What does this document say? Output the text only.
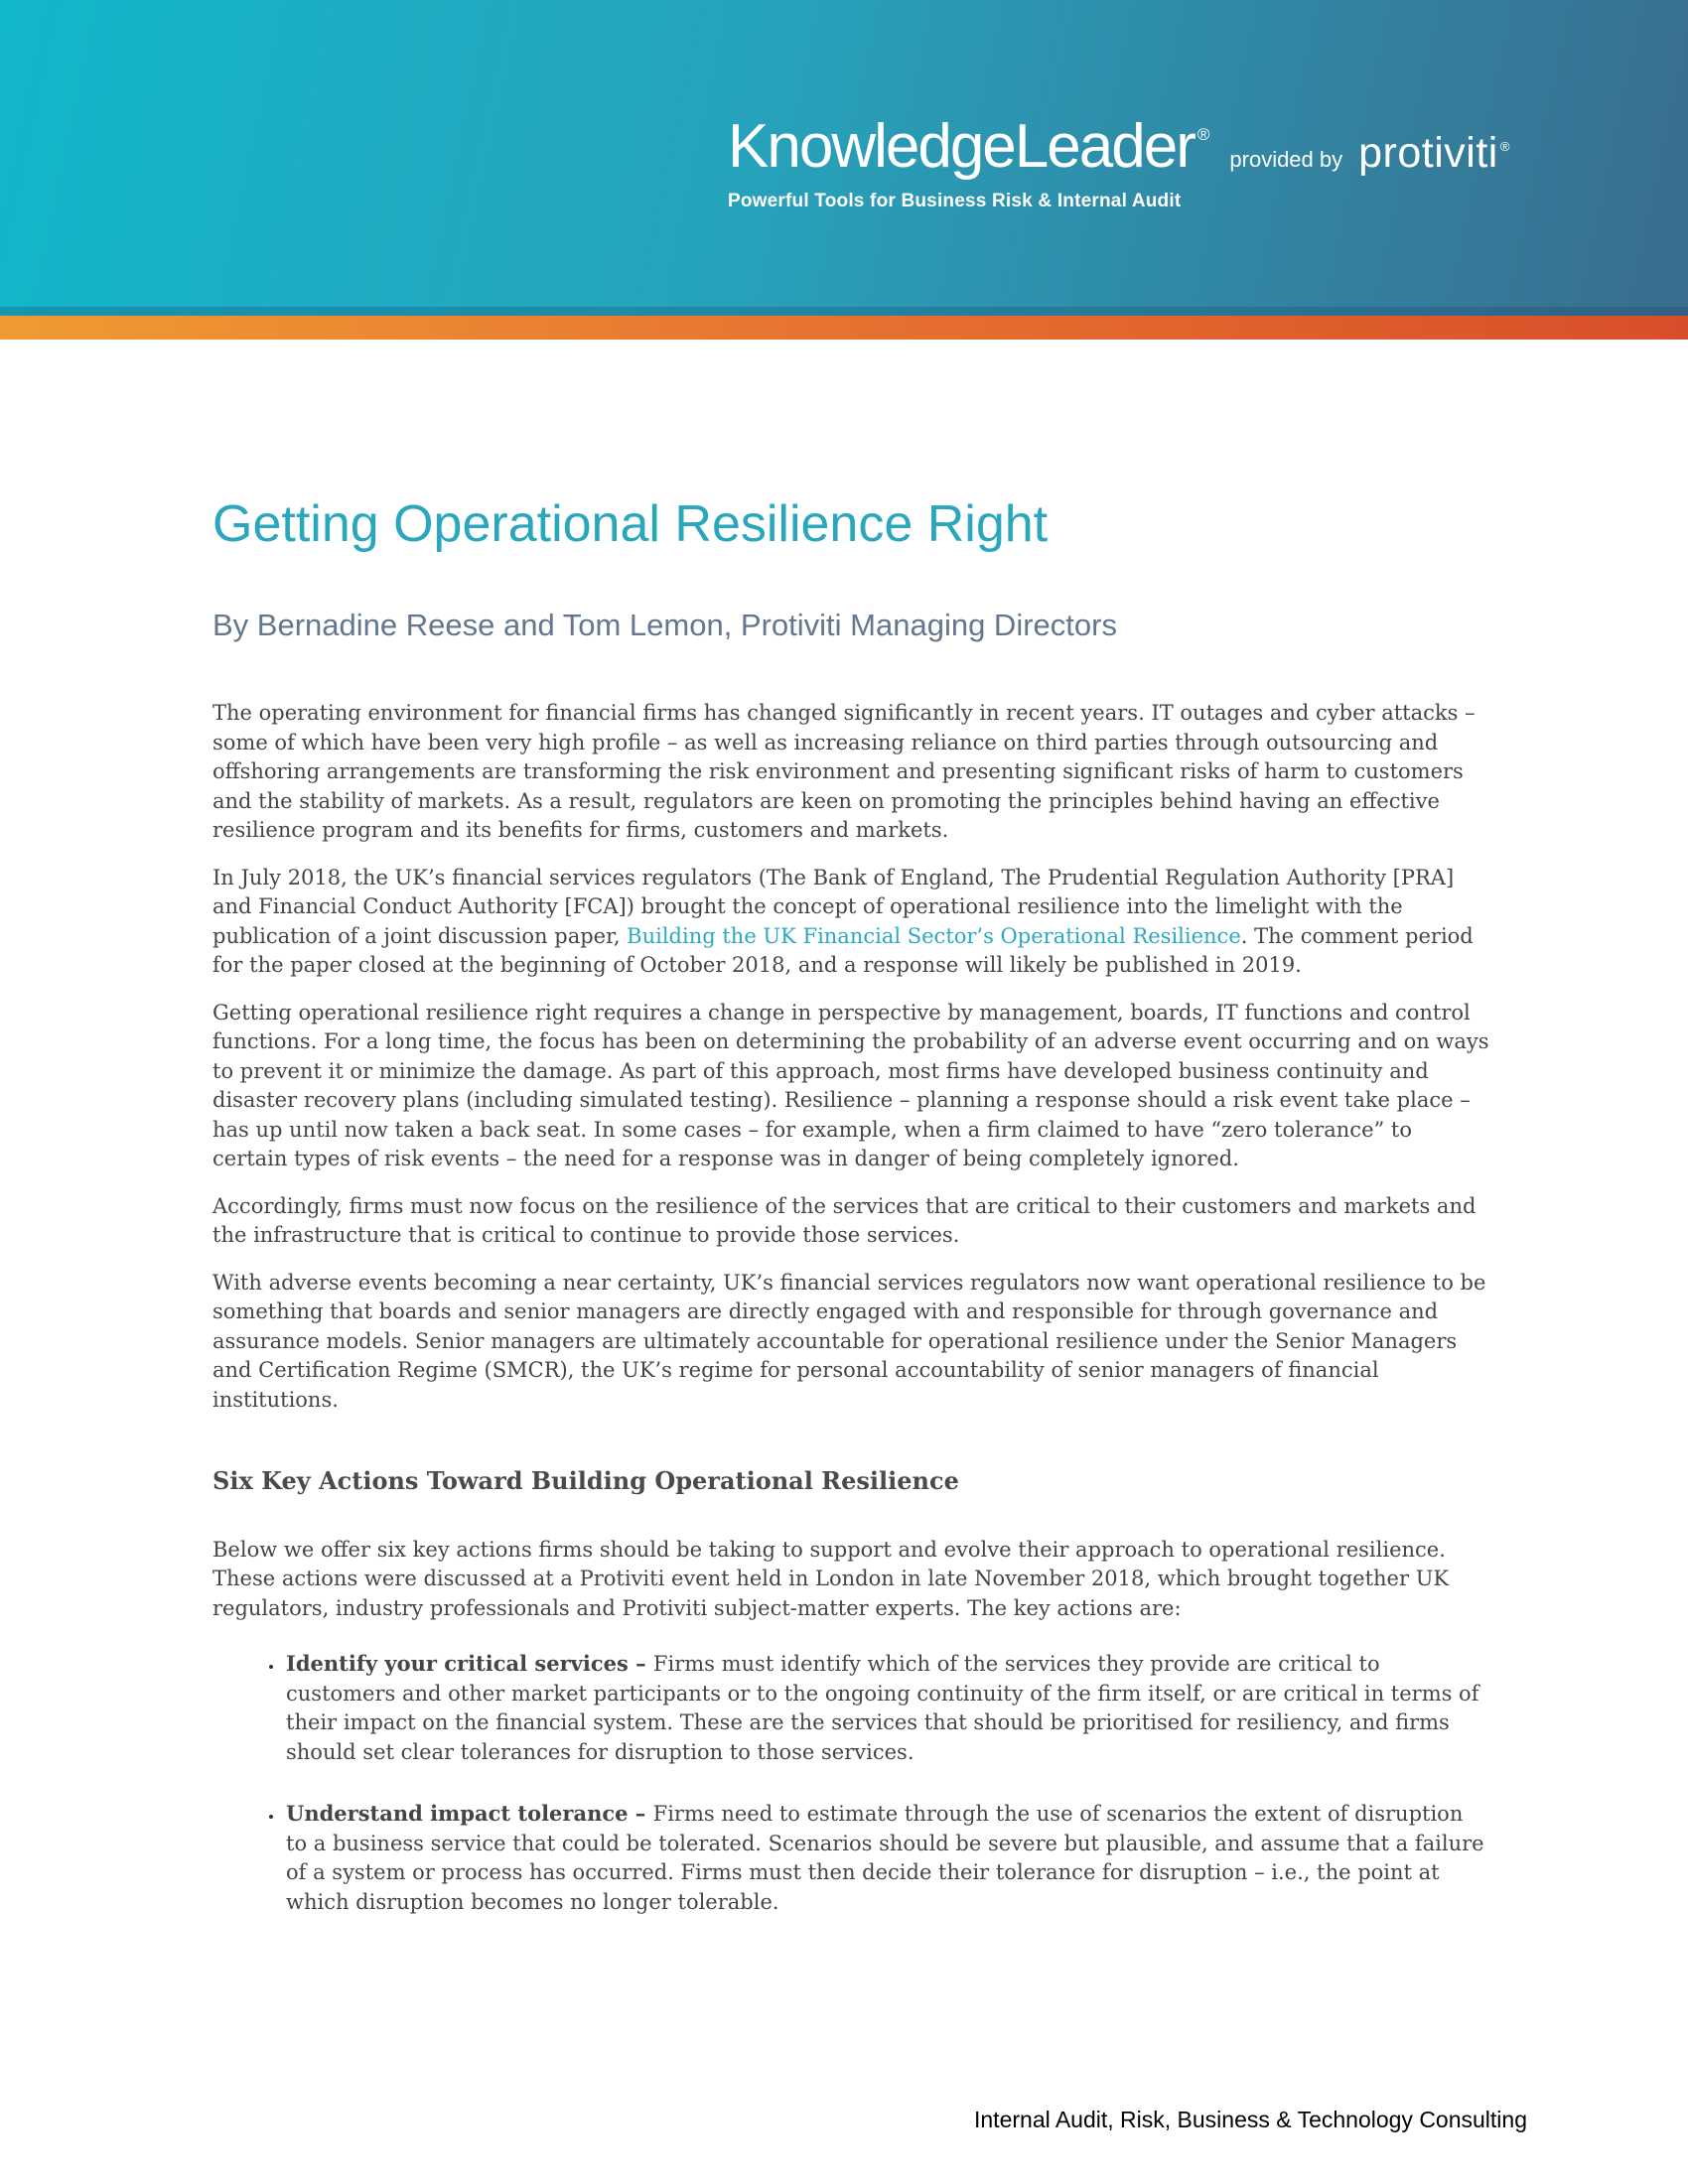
KnowledgeLeader ®
provided by protiviti ®
Powerful Tools for Business Risk & Internal Audit
Getting Operational Resilience Right
By Bernadine Reese and Tom Lemon, Protiviti Managing Directors

The operating environment for financial firms has changed significantly in recent years. IT outages and cyber attacks – some of which have been very high profile – as well as increasing reliance on third parties through outsourcing and offshoring arrangements are transforming the risk environment and presenting significant risks of harm to customers and the stability of markets. As a result, regulators are keen on promoting the principles behind having an effective resilience program and its benefits for firms, customers and markets.

In July 2018, the UK’s financial services regulators (The Bank of England, The Prudential Regulation Authority [PRA] and Financial Conduct Authority [FCA]) brought the concept of operational resilience into the limelight with the publication of a joint discussion paper, Building the UK Financial Sector’s Operational Resilience. The comment period for the paper closed at the beginning of October 2018, and a response will likely be published in 2019.

Getting operational resilience right requires a change in perspective by management, boards, IT functions and control functions. For a long time, the focus has been on determining the probability of an adverse event occurring and on ways to prevent it or minimize the damage. As part of this approach, most firms have developed business continuity and disaster recovery plans (including simulated testing). Resilience – planning a response should a risk event take place – has up until now taken a back seat. In some cases – for example, when a firm claimed to have “zero tolerance” to certain types of risk events – the need for a response was in danger of being completely ignored.

Accordingly, firms must now focus on the resilience of the services that are critical to their customers and markets and the infrastructure that is critical to continue to provide those services.

With adverse events becoming a near certainty, UK’s financial services regulators now want operational resilience to be something that boards and senior managers are directly engaged with and responsible for through governance and assurance models. Senior managers are ultimately accountable for operational resilience under the Senior Managers and Certification Regime (SMCR), the UK’s regime for personal accountability of senior managers of financial institutions.

Six Key Actions Toward Building Operational Resilience

Below we offer six key actions firms should be taking to support and evolve their approach to operational resilience. These actions were discussed at a Protiviti event held in London in late November 2018, which brought together UK regulators, industry professionals and Protiviti subject-matter experts. The key actions are:

• Identify your critical services – Firms must identify which of the services they provide are critical to customers and other market participants or to the ongoing continuity of the firm itself, or are critical in terms of their impact on the financial system. These are the services that should be prioritised for resiliency, and firms should set clear tolerances for disruption to those services.
• Understand impact tolerance – Firms need to estimate through the use of scenarios the extent of disruption to a business service that could be tolerated. Scenarios should be severe but plausible, and assume that a failure of a system or process has occurred. Firms must then decide their tolerance for disruption – i.e., the point at which disruption becomes no longer tolerable.
Internal Audit, Risk, Business & Technology Consulting
